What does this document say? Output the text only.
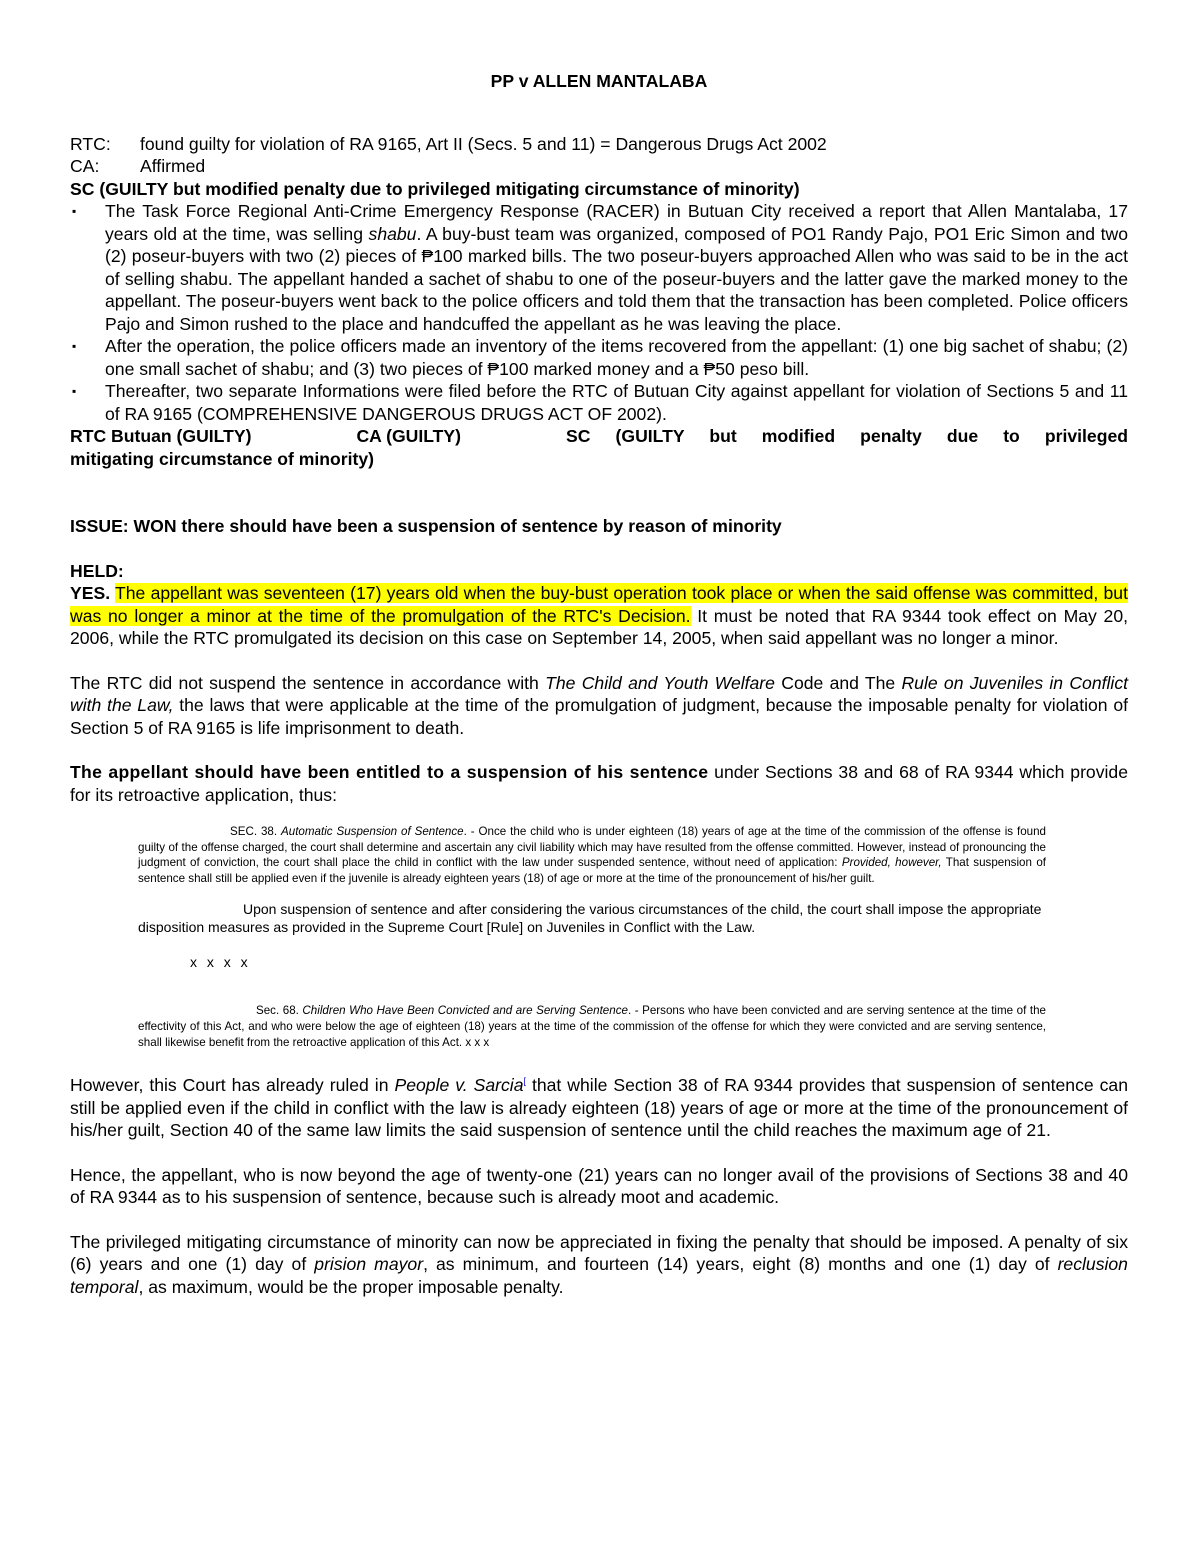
PP v ALLEN MANTALABA
RTC:	found guilty for violation of RA 9165, Art II (Secs. 5 and 11) = Dangerous Drugs Act 2002
CA:	Affirmed
SC (GUILTY but modified penalty due to privileged mitigating circumstance of minority)
▪ The Task Force Regional Anti-Crime Emergency Response (RACER) in Butuan City received a report that Allen Mantalaba, 17 years old at the time, was selling shabu. A buy-bust team was organized, composed of PO1 Randy Pajo, PO1 Eric Simon and two (2) poseur-buyers with two (2) pieces of ₱100 marked bills. The two poseur-buyers approached Allen who was said to be in the act of selling shabu. The appellant handed a sachet of shabu to one of the poseur-buyers and the latter gave the marked money to the appellant. The poseur-buyers went back to the police officers and told them that the transaction has been completed. Police officers Pajo and Simon rushed to the place and handcuffed the appellant as he was leaving the place.
▪ After the operation, the police officers made an inventory of the items recovered from the appellant: (1) one big sachet of shabu; (2) one small sachet of shabu; and (3) two pieces of ₱100 marked money and a ₱50 peso bill.
▪ Thereafter, two separate Informations were filed before the RTC of Butuan City against appellant for violation of Sections 5 and 11 of RA 9165 (COMPREHENSIVE DANGEROUS DRUGS ACT OF 2002).
RTC Butuan (GUILTY)	CA (GUILTY)	SC (GUILTY but modified penalty due to privileged
mitigating circumstance of minority)
ISSUE: WON there should have been a suspension of sentence by reason of minority
HELD:

YES. The appellant was seventeen (17) years old when the buy-bust operation took place or when the said offense was committed, but was no longer a minor at the time of the promulgation of the RTC's Decision. It must be noted that RA 9344 took effect on May 20, 2006, while the RTC promulgated its decision on this case on September 14, 2005, when said appellant was no longer a minor.

The RTC did not suspend the sentence in accordance with The Child and Youth Welfare Code and The Rule on Juveniles in Conflict with the Law, the laws that were applicable at the time of the promulgation of judgment, because the imposable penalty for violation of Section 5 of RA 9165 is life imprisonment to death.

The appellant should have been entitled to a suspension of his sentence under Sections 38 and 68 of RA 9344 which provide for its retroactive application, thus:

SEC. 38. Automatic Suspension of Sentence. - Once the child who is under eighteen (18) years of age at the time of the commission of the offense is found guilty of the offense charged, the court shall determine and ascertain any civil liability which may have resulted from the offense committed. However, instead of pronouncing the judgment of conviction, the court shall place the child in conflict with the law under suspended sentence, without need of application: Provided, however, That suspension of sentence shall still be applied even if the juvenile is already eighteen years (18) of age or more at the time of the pronouncement of his/her guilt.

Upon suspension of sentence and after considering the various circumstances of the child, the court shall impose the appropriate disposition measures as provided in the Supreme Court [Rule] on Juveniles in Conflict with the Law.

x x x x

Sec. 68. Children Who Have Been Convicted and are Serving Sentence. - Persons who have been convicted and are serving sentence at the time of the effectivity of this Act, and who were below the age of eighteen (18) years at the time of the commission of the offense for which they were convicted and are serving sentence, shall likewise benefit from the retroactive application of this Act. x x x

However, this Court has already ruled in People v. Sarcia[ that while Section 38 of RA 9344 provides that suspension of sentence can still be applied even if the child in conflict with the law is already eighteen (18) years of age or more at the time of the pronouncement of his/her guilt, Section 40 of the same law limits the said suspension of sentence until the child reaches the maximum age of 21.

Hence, the appellant, who is now beyond the age of twenty-one (21) years can no longer avail of the provisions of Sections 38 and 40 of RA 9344 as to his suspension of sentence, because such is already moot and academic.

The privileged mitigating circumstance of minority can now be appreciated in fixing the penalty that should be imposed. A penalty of six (6) years and one (1) day of prision mayor, as minimum, and fourteen (14) years, eight (8) months and one (1) day of reclusion temporal, as maximum, would be the proper imposable penalty.
